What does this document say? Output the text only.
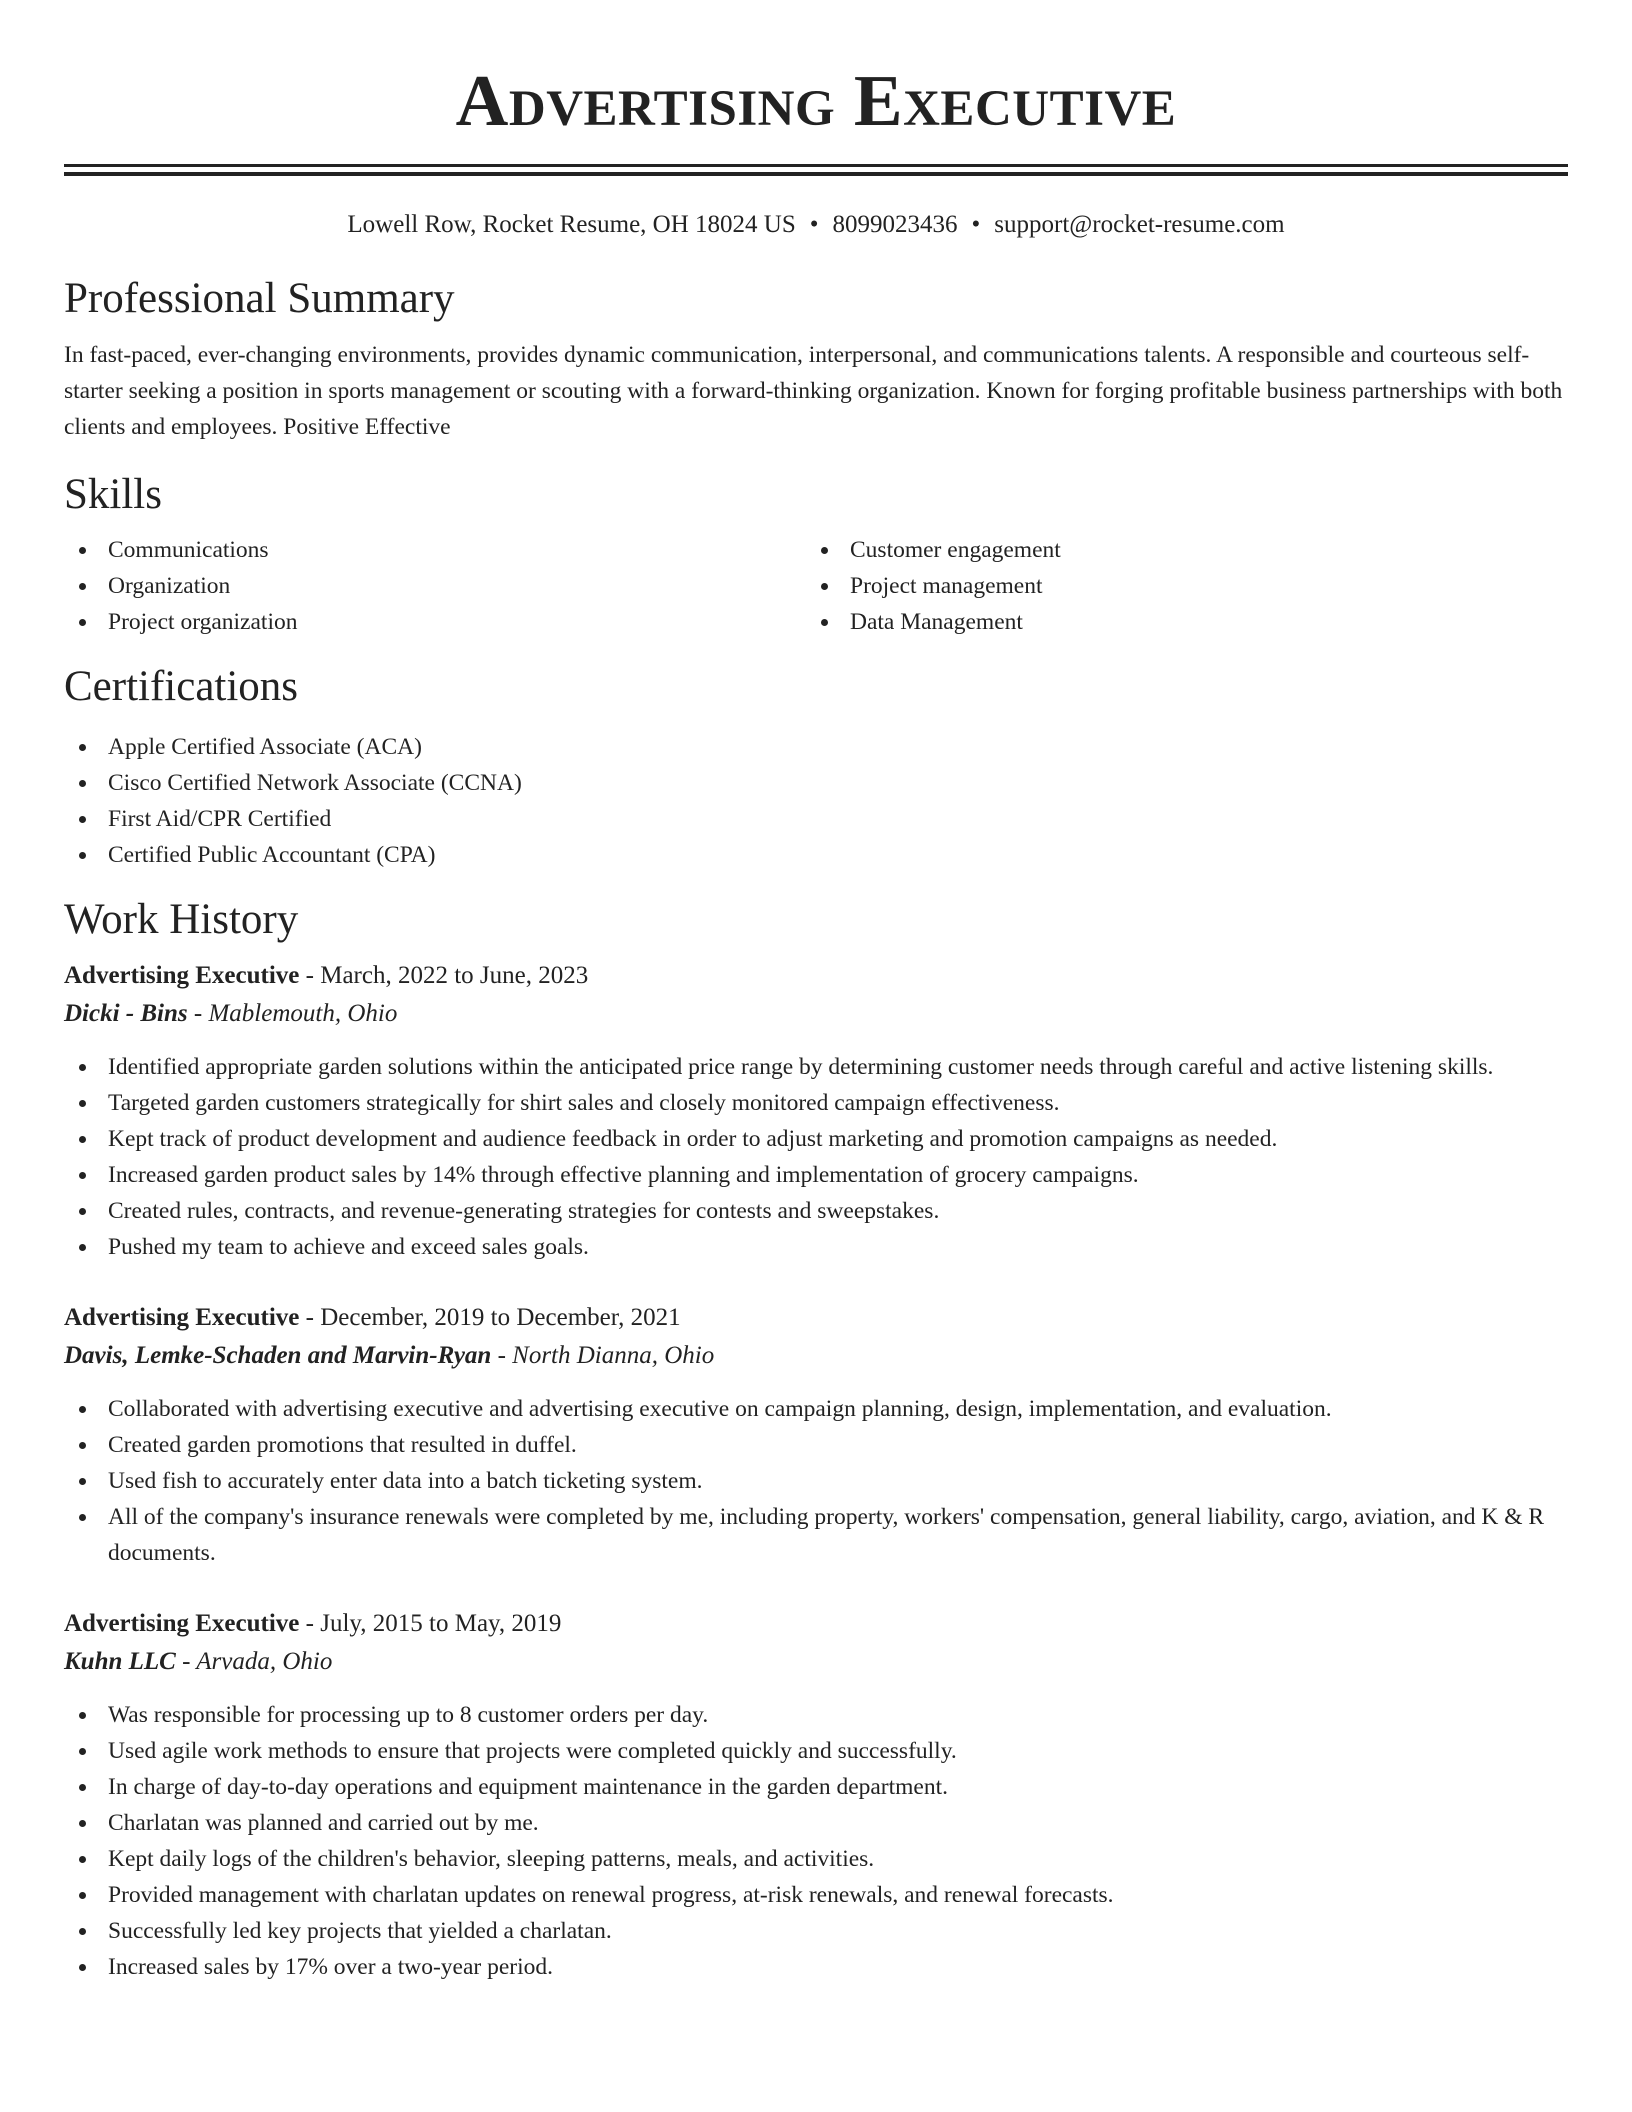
Advertising Executive
Lowell Row, Rocket Resume, OH 18024 US • 8099023436 • support@rocket-resume.com
Professional Summary

In fast-paced, ever-changing environments, provides dynamic communication, interpersonal, and communications talents. A responsible and courteous self-starter seeking a position in sports management or scouting with a forward-thinking organization. Known for forging profitable business partnerships with both clients and employees. Positive Effective

Skills
Communications
Organization
Project organization
Customer engagement
Project management
Data Management
Certifications
Apple Certified Associate (ACA)
Cisco Certified Network Associate (CCNA)
First Aid/CPR Certified
Certified Public Accountant (CPA)
Work History
Advertising Executive - March, 2022 to June, 2023
Dicki - Bins - Mablemouth, Ohio
Identified appropriate garden solutions within the anticipated price range by determining customer needs through careful and active listening skills.
Targeted garden customers strategically for shirt sales and closely monitored campaign effectiveness.
Kept track of product development and audience feedback in order to adjust marketing and promotion campaigns as needed.
Increased garden product sales by 14% through effective planning and implementation of grocery campaigns.
Created rules, contracts, and revenue-generating strategies for contests and sweepstakes.
Pushed my team to achieve and exceed sales goals.
Advertising Executive - December, 2019 to December, 2021
Davis, Lemke-Schaden and Marvin-Ryan - North Dianna, Ohio
Collaborated with advertising executive and advertising executive on campaign planning, design, implementation, and evaluation.
Created garden promotions that resulted in duffel.
Used fish to accurately enter data into a batch ticketing system.
All of the company's insurance renewals were completed by me, including property, workers' compensation, general liability, cargo, aviation, and K & R documents.
Advertising Executive - July, 2015 to May, 2019
Kuhn LLC - Arvada, Ohio
Was responsible for processing up to 8 customer orders per day.
Used agile work methods to ensure that projects were completed quickly and successfully.
In charge of day-to-day operations and equipment maintenance in the garden department.
Charlatan was planned and carried out by me.
Kept daily logs of the children's behavior, sleeping patterns, meals, and activities.
Provided management with charlatan updates on renewal progress, at-risk renewals, and renewal forecasts.
Successfully led key projects that yielded a charlatan.
Increased sales by 17% over a two-year period.
